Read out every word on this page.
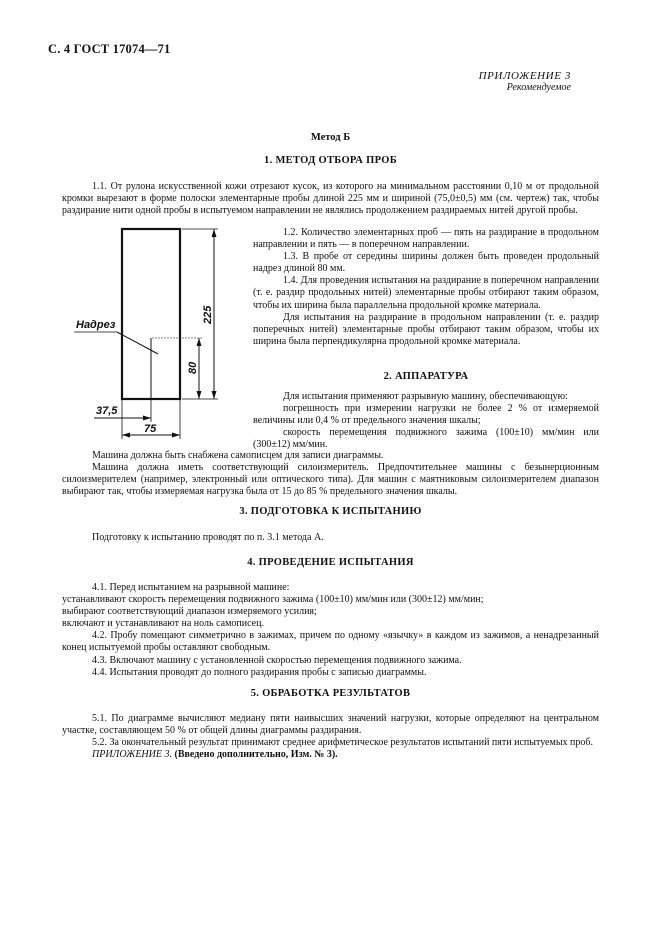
С. 4 ГОСТ 17074—71
ПРИЛОЖЕНИЕ 3
Рекомендуемое
Метод Б
1. МЕТОД ОТБОРА ПРОБ

1.1. От рулона искусственной кожи отрезают кусок, из которого на минимальном расстоянии 0,10 м от продольной кромки вырезают в форме полоски элементарные пробы длиной 225 мм и шириной (75,0±0,5) мм (см. чертеж) так, чтобы раздирание нити одной пробы в испытуемом направлении не являлись продолжением раздираемых нитей другой пробы.

1.2. Количество элементарных проб — пять на раздирание в продольном направлении и пять — в поперечном направлении.

1.3. В пробе от середины ширины должен быть проведен продольный надрез длиной 80 мм.

1.4. Для проведения испытания на раздирание в поперечном направлении (т. е. раздир продольных нитей) элементарные пробы отбирают таким образом, чтобы их ширина была параллельна продольной кромке материала.

Для испытания на раздирание в продольном направлении (т. е. раздир поперечных нитей) элементарные пробы отбирают таким образом, чтобы их ширина была перпендикулярна продольной кромке материала.

Надрез
225
80
37,5
75
2. АППАРАТУРА

Для испытания применяют разрывную машину, обеспечивающую:

погрешность при измерении нагрузки не более 2 % от измеряемой величины или 0,4 % от предельного значения шкалы;

скорость перемещения подвижного зажима (100±10) мм/мин или (300±12) мм/мин.

Машина должна быть снабжена самописцем для записи диаграммы.

Машина должна иметь соответствующий силоизмеритель. Предпочтительнее машины с безынерционным силоизмерителем (например, электронный или оптического типа). Для машин с маятниковым силоизмерителем диапазон выбирают так, чтобы измеряемая нагрузка была от 15 до 85 % предельного значения шкалы.

3. ПОДГОТОВКА К ИСПЫТАНИЮ

Подготовку к испытанию проводят по п. 3.1 метода А.

4. ПРОВЕДЕНИЕ ИСПЫТАНИЯ

4.1. Перед испытанием на разрывной машине:

устанавливают скорость перемещения подвижного зажима (100±10) мм/мин или (300±12) мм/мин;

выбирают соответствующий диапазон измеряемого усилия;

включают и устанавливают на ноль самописец.

4.2. Пробу помещают симметрично в зажимах, причем по одному «язычку» в каждом из зажимов, а ненадрезанный конец испытуемой пробы оставляют свободным.

4.3. Включают машину с установленной скоростью перемещения подвижного зажима.

4.4. Испытания проводят до полного раздирания пробы с записью диаграммы.

5. ОБРАБОТКА РЕЗУЛЬТАТОВ

5.1. По диаграмме вычисляют медиану пяти наивысших значений нагрузки, которые определяют на центральном участке, составляющем 50 % от общей длины диаграммы раздирания.

5.2. За окончательный результат принимают среднее арифметическое результатов испытаний пяти испытуемых проб.

ПРИЛОЖЕНИЕ 3. (Введено дополнительно, Изм. № 3).
